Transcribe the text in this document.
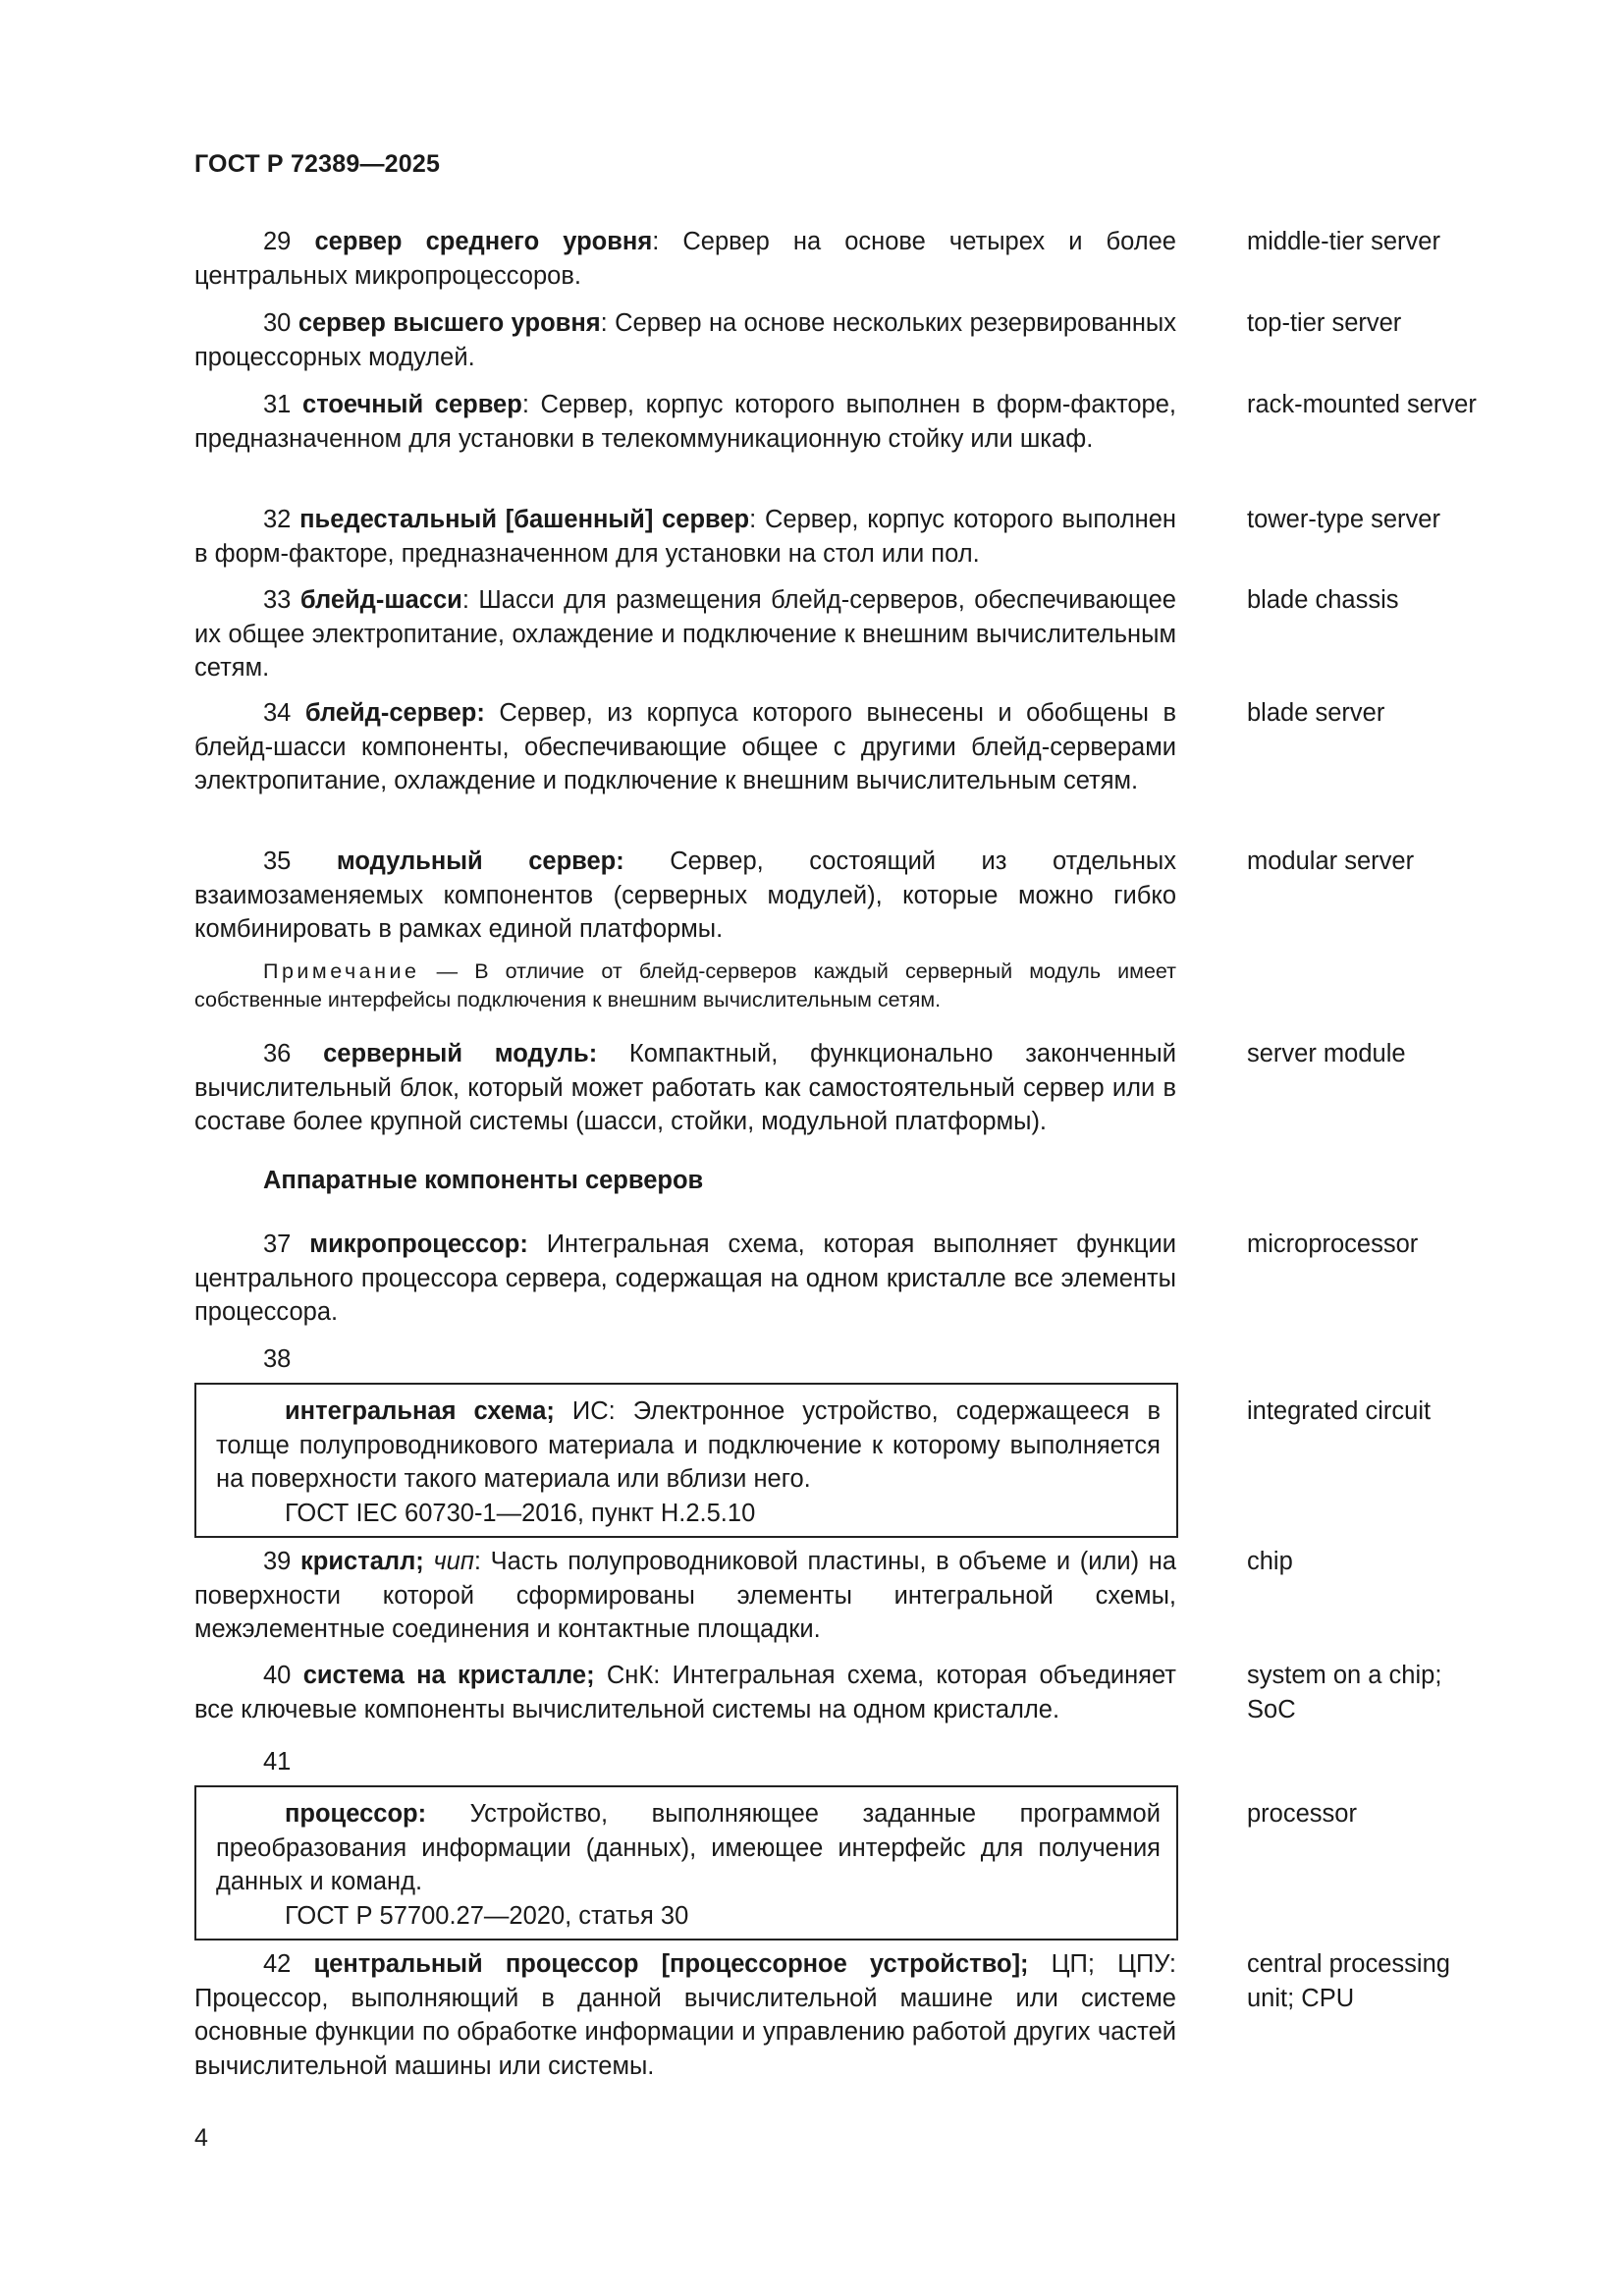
ГОСТ Р 72389—2025
29 сервер среднего уровня: Сервер на основе четырех и более центральных микропроцессоров.
middle-tier server
30 сервер высшего уровня: Сервер на основе нескольких резервированных процессорных модулей.
top-tier server
31 стоечный сервер: Сервер, корпус которого выполнен в форм-факторе, предназначенном для установки в телекоммуникационную стойку или шкаф.
rack-mounted server
32 пьедестальный [башенный] сервер: Сервер, корпус которого выполнен в форм-факторе, предназначенном для установки на стол или пол.
tower-type server
33 блейд-шасси: Шасси для размещения блейд-серверов, обеспечивающее их общее электропитание, охлаждение и подключение к внешним вычислительным сетям.
blade chassis
34 блейд-сервер: Сервер, из корпуса которого вынесены и обобщены в блейд-шасси компоненты, обеспечивающие общее с другими блейд-серверами электропитание, охлаждение и подключение к внешним вычислительным сетям.
blade server
35 модульный сервер: Сервер, состоящий из отдельных взаимозаменяемых компонентов (серверных модулей), которые можно гибко комбинировать в рамках единой платформы.
modular server
Примечание — В отличие от блейд-серверов каждый серверный модуль имеет собственные интерфейсы подключения к внешним вычислительным сетям.
36 серверный модуль: Компактный, функционально законченный вычислительный блок, который может работать как самостоятельный сервер или в составе более крупной системы (шасси, стойки, модульной платформы).
server module
Аппаратные компоненты серверов
37 микропроцессор: Интегральная схема, которая выполняет функции центрального процессора сервера, содержащая на одном кристалле все элементы процессора.
microprocessor
38
интегральная схема; ИС: Электронное устройство, содержащееся в толще полупроводникового материала и подключение к которому выполняется на поверхности такого материала или вблизи него.
ГОСТ IEC 60730-1—2016, пункт H.2.5.10
integrated circuit
39 кристалл; чип: Часть полупроводниковой пластины, в объеме и (или) на поверхности которой сформированы элементы интегральной схемы, межэлементные соединения и контактные площадки.
chip
40 система на кристалле; СнК: Интегральная схема, которая объединяет все ключевые компоненты вычислительной системы на одном кристалле.
system on a chip; SoC
41
процессор: Устройство, выполняющее заданные программой преобразования информации (данных), имеющее интерфейс для получения данных и команд.
ГОСТ Р 57700.27—2020, статья 30
processor
42 центральный процессор [процессорное устройство]; ЦП; ЦПУ: Процессор, выполняющий в данной вычислительной машине или системе основные функции по обработке информации и управлению работой других частей вычислительной машины или системы.
central processing unit; CPU
4
